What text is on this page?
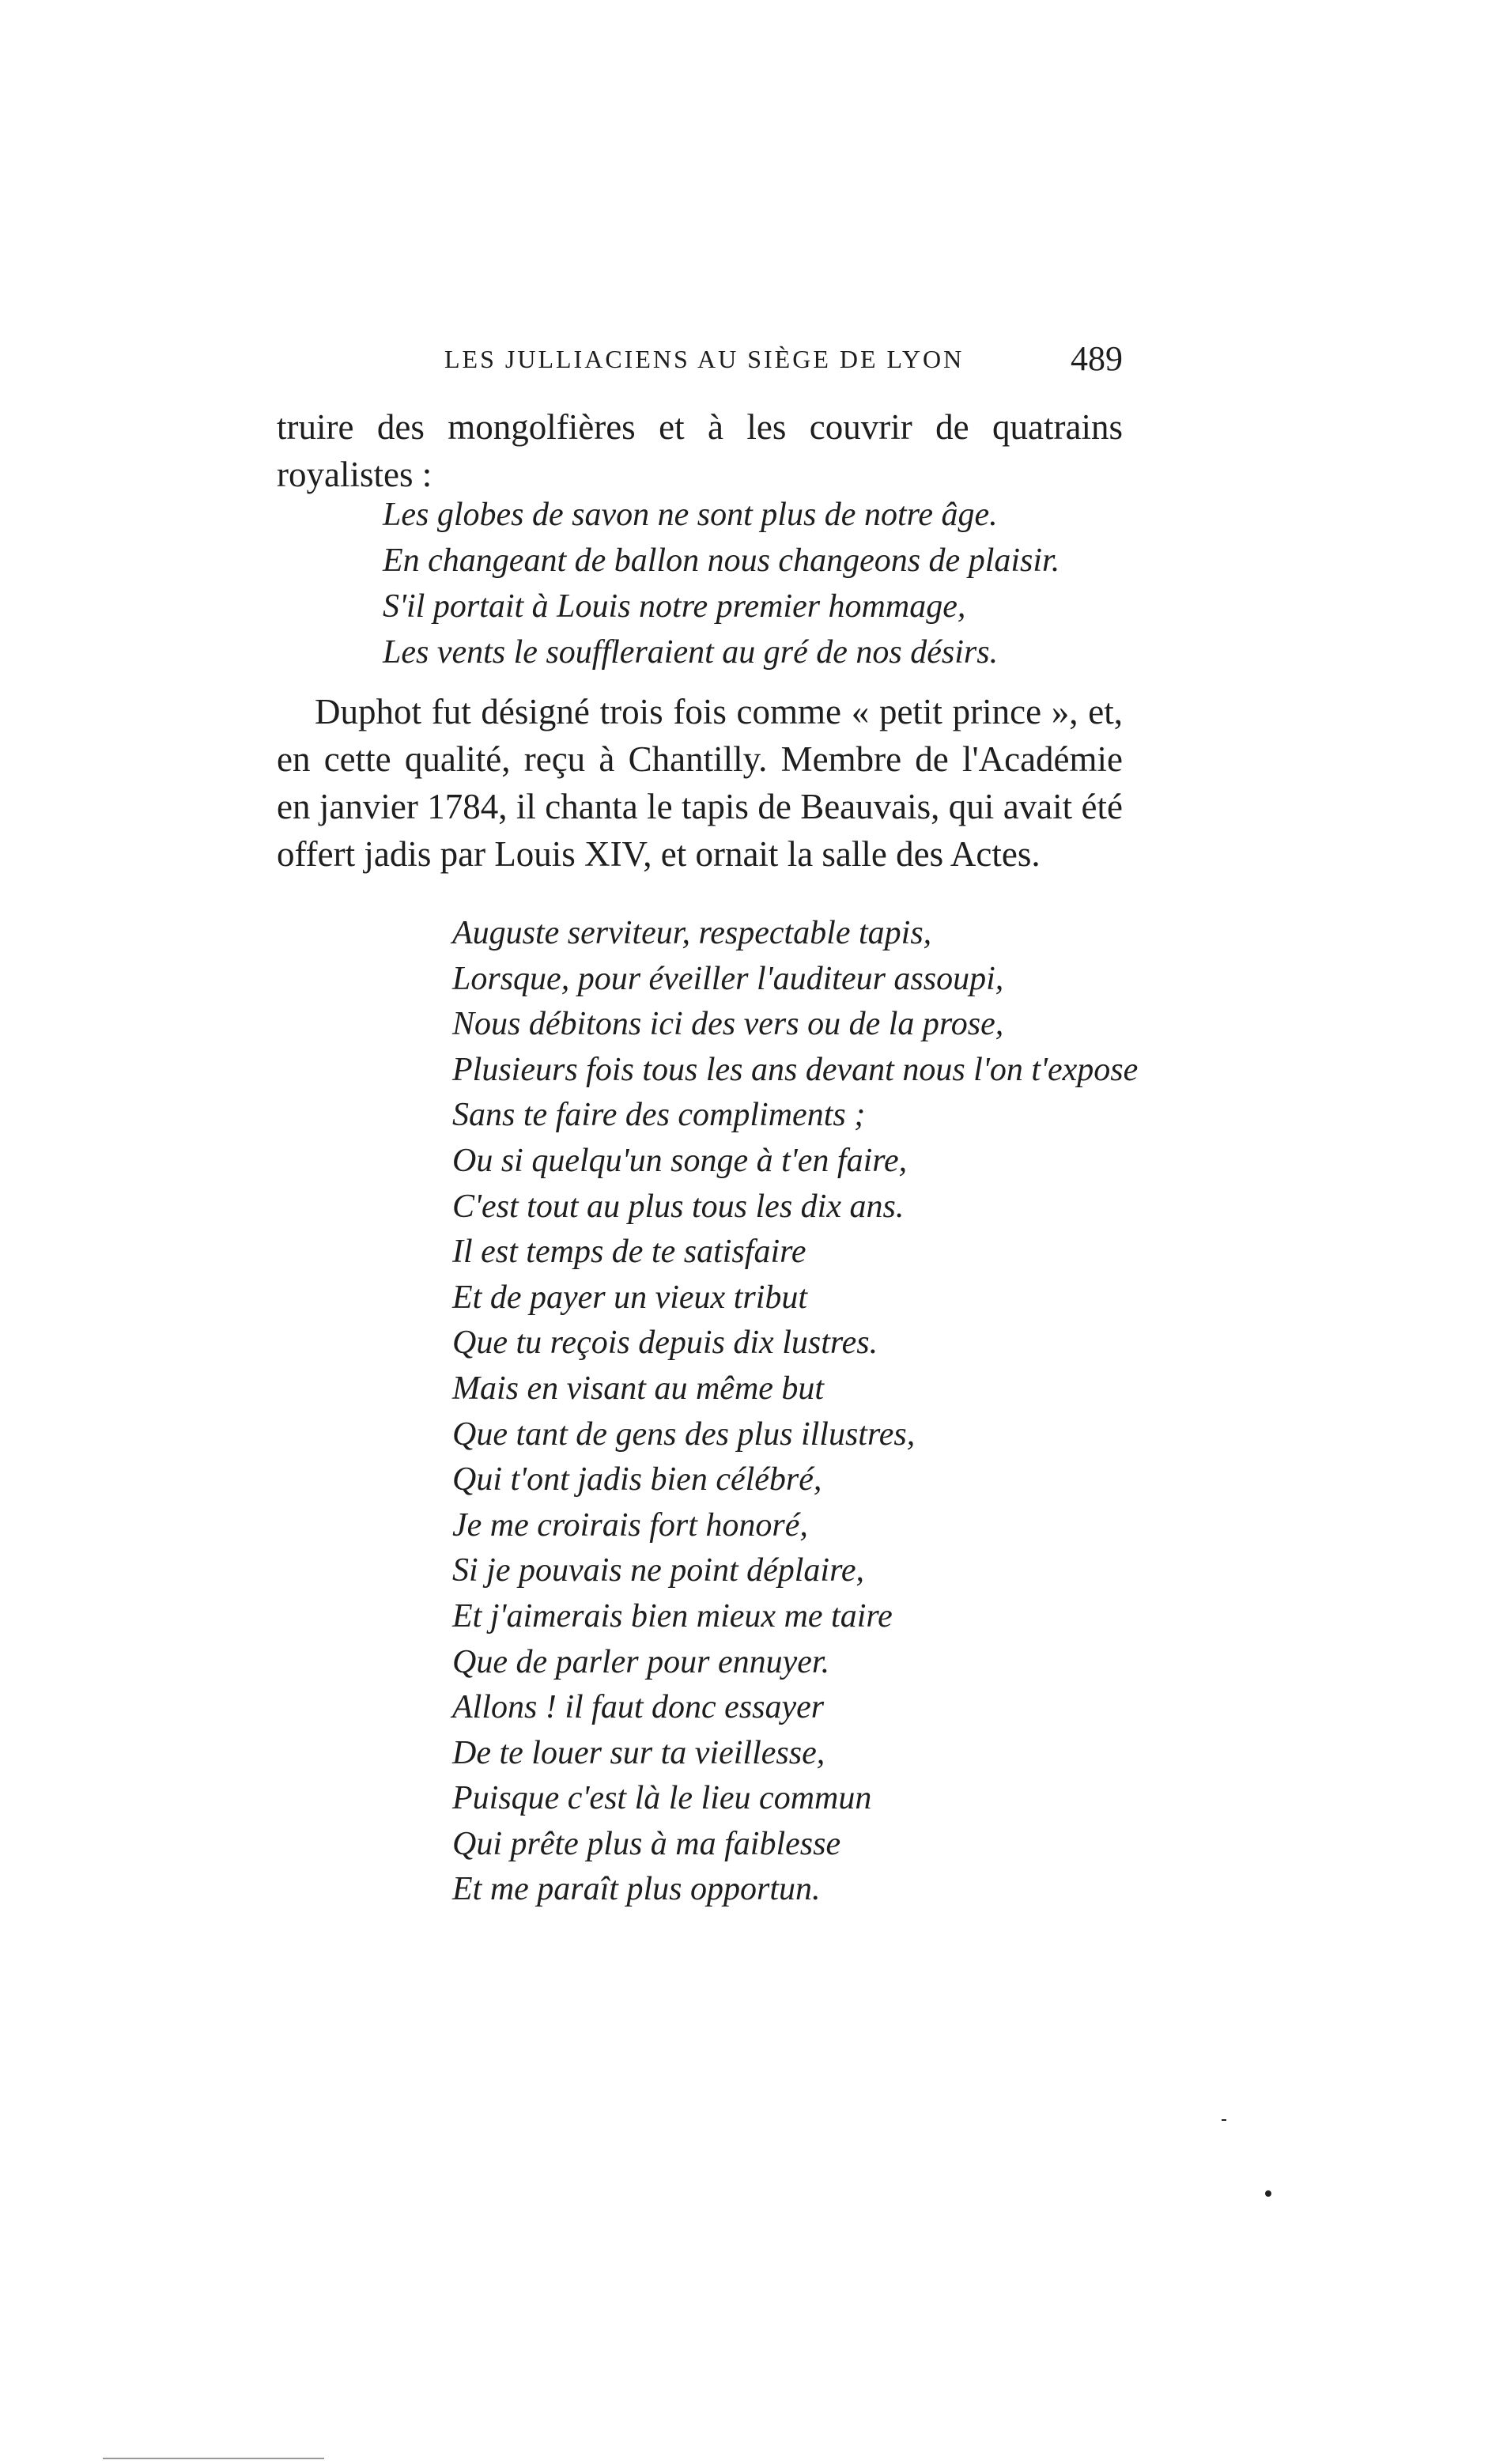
LES JULLIACIENS AU SIÈGE DE LYON	489

truire des mongolfières et à les couvrir de quatrains royalistes :

Les globes de savon ne sont plus de notre âge.
En changeant de ballon nous changeons de plaisir.
S'il portait à Louis notre premier hommage,
Les vents le souffleraient au gré de nos désirs.

Duphot fut désigné trois fois comme « petit prince », et, en cette qualité, reçu à Chantilly. Membre de l'Académie en janvier 1784, il chanta le tapis de Beauvais, qui avait été offert jadis par Louis XIV, et ornait la salle des Actes.

Auguste serviteur, respectable tapis,
Lorsque, pour éveiller l'auditeur assoupi,
Nous débitons ici des vers ou de la prose,
Plusieurs fois tous les ans devant nous l'on t'expose
Sans te faire des compliments ;
Ou si quelqu'un songe à t'en faire,
C'est tout au plus tous les dix ans.
Il est temps de te satisfaire
Et de payer un vieux tribut
Que tu reçois depuis dix lustres.
Mais en visant au même but
Que tant de gens des plus illustres,
Qui t'ont jadis bien célébré,
Je me croirais fort honoré,
Si je pouvais ne point déplaire,
Et j'aimerais bien mieux me taire
Que de parler pour ennuyer.
Allons ! il faut donc essayer
De te louer sur ta vieillesse,
Puisque c'est là le lieu commun
Qui prête plus à ma faiblesse
Et me paraît plus opportun.
